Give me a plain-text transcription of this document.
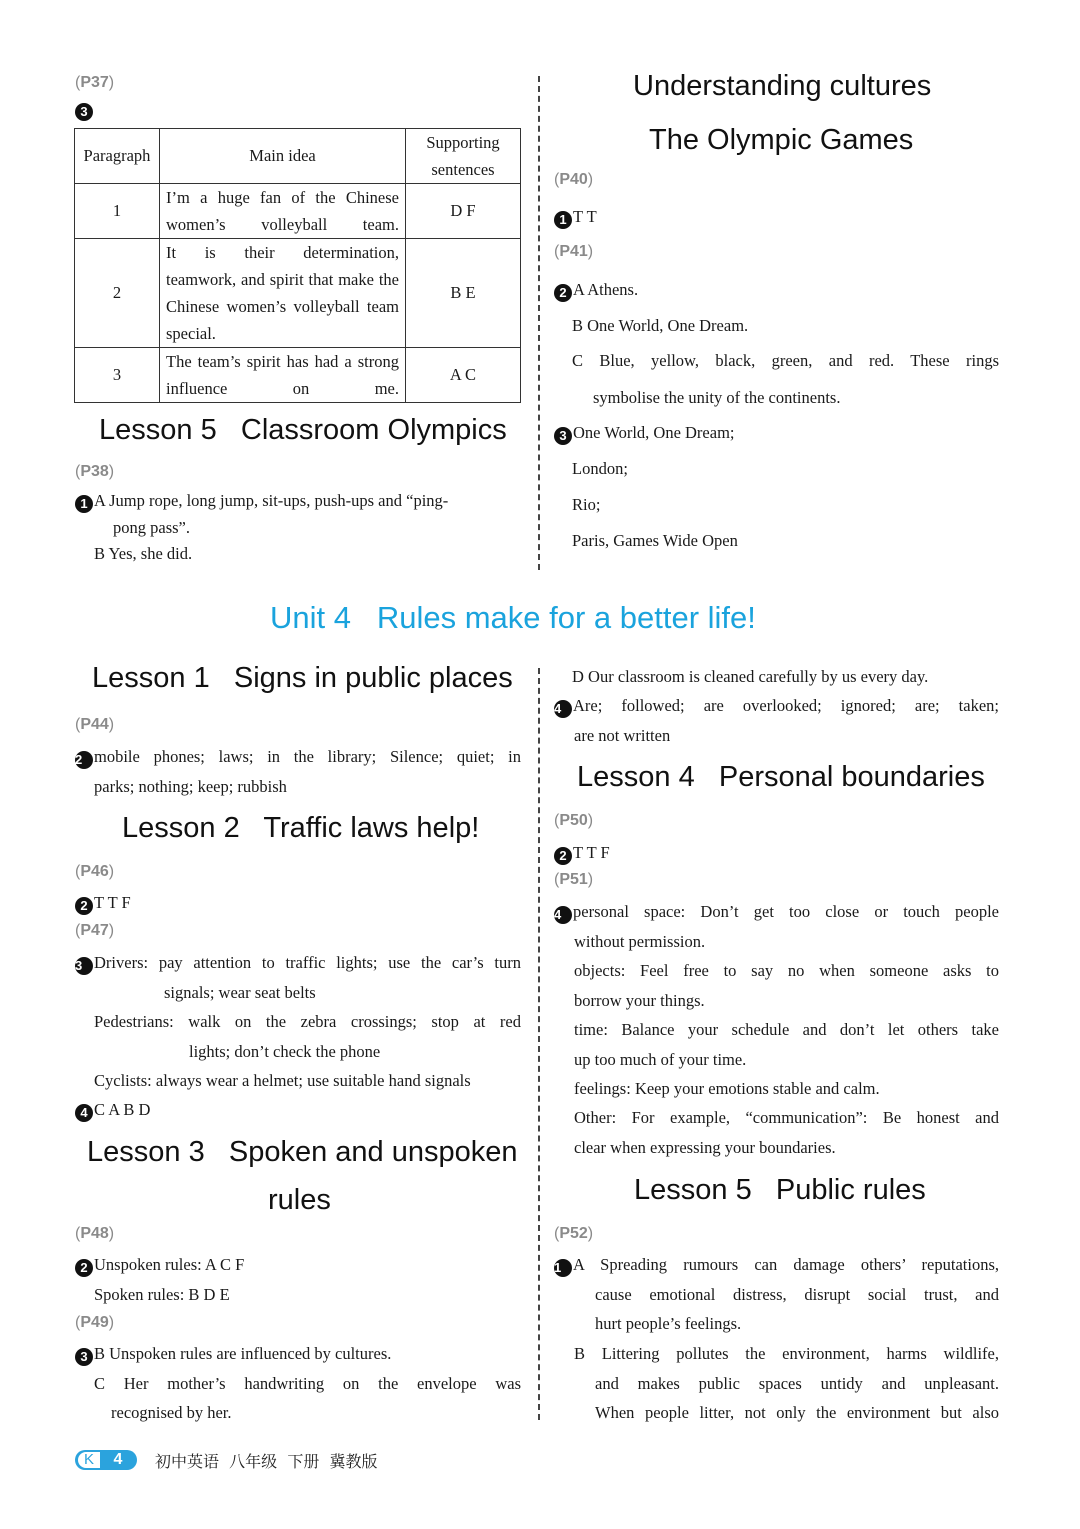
(P37)
3
Paragraph	Main idea	Supporting sentences
1	I’m a huge fan of the Chinese women’s volleyball team.	D F
2	It is their determination, teamwork, and spirit that make the Chinese women’s volleyball team special.	B E
3	The team’s spirit has had a strong influence on me.	A C
Lesson 5   Classroom Olympics
(P38)
1 A Jump rope, long jump, sit-ups, push-ups and “ping-
pong pass”.
B Yes, she did.
Understanding cultures
The Olympic Games
(P40)
1 T T
(P41)
2 A Athens.
B One World, One Dream.
C Blue, yellow, black, green, and red. These rings
symbolise the unity of the continents.
3 One World, One Dream;
London;
Rio;
Paris, Games Wide Open
Unit 4   Rules make for a better life!
Lesson 1   Signs in public places
(P44)
2 mobile phones; laws; in the library; Silence; quiet; in
parks; nothing; keep; rubbish
Lesson 2   Traffic laws help!
(P46)
2 T T F
(P47)
3 Drivers: pay attention to traffic lights; use the car’s turn
signals; wear seat belts
Pedestrians: walk on the zebra crossings; stop at red
lights; don’t check the phone
Cyclists: always wear a helmet; use suitable hand signals
4 C A B D
Lesson 3   Spoken and unspoken
rules
(P48)
2 Unspoken rules: A C F
Spoken rules: B D E
(P49)
3 B Unspoken rules are influenced by cultures.
C Her mother’s handwriting on the envelope was
recognised by her.
D Our classroom is cleaned carefully by us every day.
4 Are; followed; are overlooked; ignored; are; taken;
are not written
Lesson 4   Personal boundaries
(P50)
2 T T F
(P51)
4 personal space: Don’t get too close or touch people
without permission.
objects: Feel free to say no when someone asks to
borrow your things.
time: Balance your schedule and don’t let others take
up too much of your time.
feelings: Keep your emotions stable and calm.
Other: For example, “communication”: Be honest and
clear when expressing your boundaries.
Lesson 5   Public rules
(P52)
1 A Spreading rumours can damage others’ reputations,
cause emotional distress, disrupt social trust, and
hurt people’s feelings.
B Littering pollutes the environment, harms wildlife,
and makes public spaces untidy and unpleasant.
When people litter, not only the environment but also
K	4	初中英语  八年级  下册  冀教版
